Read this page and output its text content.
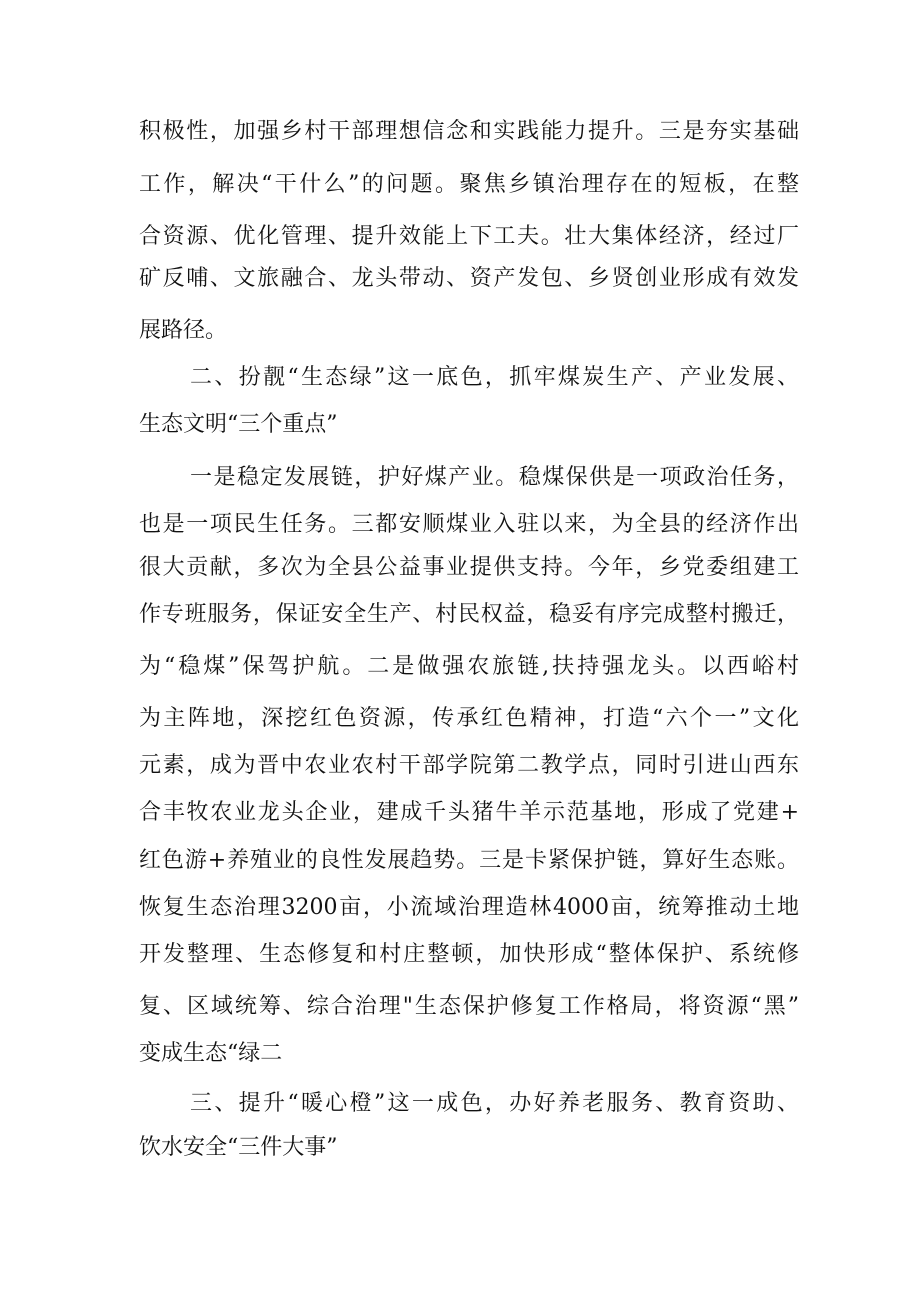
积极性，加强乡村干部理想信念和实践能力提升。三是夯实基础
工作，解决“干什么”的问题。聚焦乡镇治理存在的短板，在整
合资源、优化管理、提升效能上下工夫。壮大集体经济，经过厂
矿反哺、文旅融合、龙头带动、资产发包、乡贤创业形成有效发
展路径。
二、扮靓“生态绿”这一底色，抓牢煤炭生产、产业发展、
生态文明“三个重点”
一是稳定发展链，护好煤产业。稳煤保供是一项政治任务，
也是一项民生任务。三都安顺煤业入驻以来，为全县的经济作出
很大贡献，多次为全县公益事业提供支持。今年，乡党委组建工
作专班服务，保证安全生产、村民权益，稳妥有序完成整村搬迁，
为“稳煤”保驾护航。二是做强农旅链,扶持强龙头。以西峪村
为主阵地，深挖红色资源，传承红色精神，打造“六个一”文化
元素，成为晋中农业农村干部学院第二教学点，同时引进山西东
合丰牧农业龙头企业，建成千头猪牛羊示范基地，形成了党建+
红色游+养殖业的良性发展趋势。三是卡紧保护链，算好生态账。
恢复生态治理3200亩，小流域治理造林4000亩，统筹推动土地
开发整理、生态修复和村庄整顿，加快形成“整体保护、系统修
复、区域统筹、综合治理"生态保护修复工作格局，将资源“黑”
变成生态“绿二
三、提升“暖心橙”这一成色，办好养老服务、教育资助、
饮水安全“三件大事”
